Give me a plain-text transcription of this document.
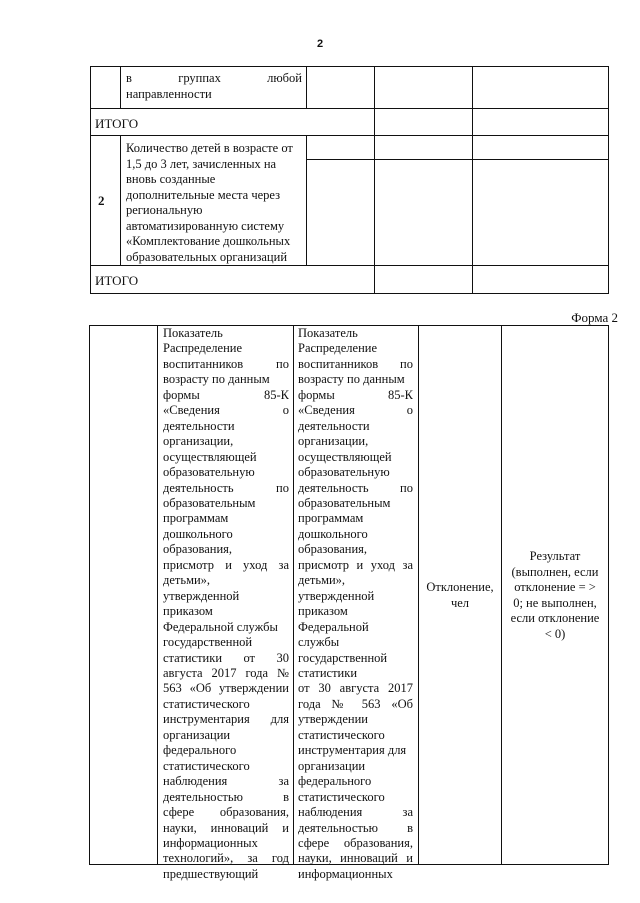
2
в	группах	любой
направленности
ИТОГО
2
Количество детей в возрасте от
1,5 до 3 лет, зачисленных на
вновь созданные
дополнительные места через
региональную
автоматизированную систему
«Комплектование дошкольных
образовательных организаций
ИТОГО
Форма 2
Показатель
Распределение
воспитанников по
возрасту по данным
формы 85-К
«Сведения о
деятельности
организации,
осуществляющей
образовательную
деятельность по
образовательным
программам
дошкольного
образования,
присмотр и уход за
детьми»,
утвержденной
приказом
Федеральной службы
государственной
статистики от 30
августа 2017 года №
563 «Об утверждении
статистического
инструментария для
организации
федерального
статистического
наблюдения за
деятельностью в
сфере образования,
науки, инноваций и
информационных
технологий», за год
предшествующий
Показатель
Распределение
воспитанников по
возрасту по данным
формы 85-К
«Сведения о
деятельности
организации,
осуществляющей
образовательную
деятельность по
образовательным
программам
дошкольного
образования,
присмотр и уход за
детьми»,
утвержденной
приказом
Федеральной
службы
государственной
статистики
от 30 августа 2017
года № 563 «Об
утверждении
статистического
инструментария для
организации
федерального
статистического
наблюдения за
деятельностью в
сфере образования,
науки, инноваций и
информационных
Отклонение,
чел
Результат
(выполнен, если
отклонение = >
0; не выполнен,
если отклонение
< 0)
